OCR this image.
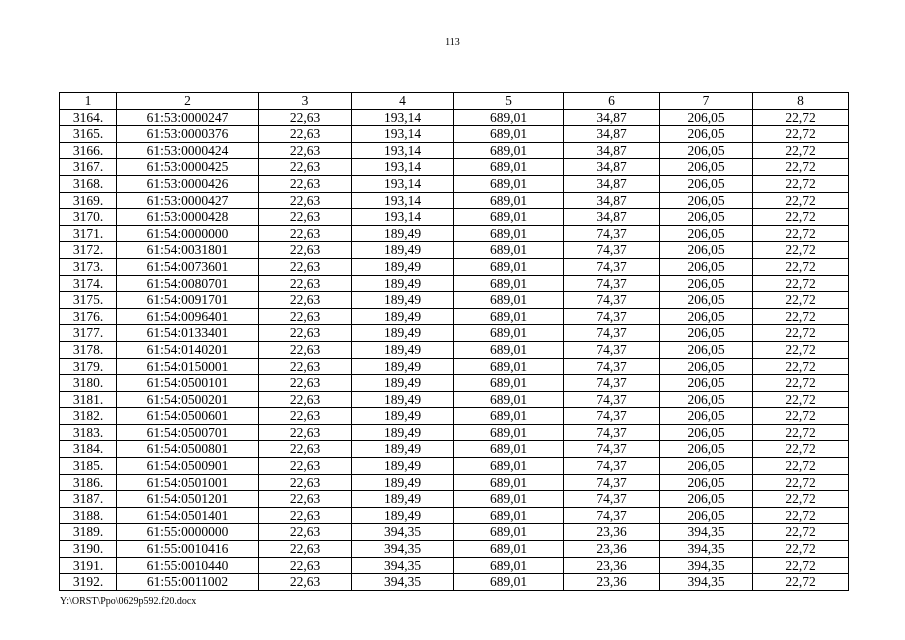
113
1	2	3	4	5	6	7	8
3164.	61:53:0000247	22,63	193,14	689,01	34,87	206,05	22,72
3165.	61:53:0000376	22,63	193,14	689,01	34,87	206,05	22,72
3166.	61:53:0000424	22,63	193,14	689,01	34,87	206,05	22,72
3167.	61:53:0000425	22,63	193,14	689,01	34,87	206,05	22,72
3168.	61:53:0000426	22,63	193,14	689,01	34,87	206,05	22,72
3169.	61:53:0000427	22,63	193,14	689,01	34,87	206,05	22,72
3170.	61:53:0000428	22,63	193,14	689,01	34,87	206,05	22,72
3171.	61:54:0000000	22,63	189,49	689,01	74,37	206,05	22,72
3172.	61:54:0031801	22,63	189,49	689,01	74,37	206,05	22,72
3173.	61:54:0073601	22,63	189,49	689,01	74,37	206,05	22,72
3174.	61:54:0080701	22,63	189,49	689,01	74,37	206,05	22,72
3175.	61:54:0091701	22,63	189,49	689,01	74,37	206,05	22,72
3176.	61:54:0096401	22,63	189,49	689,01	74,37	206,05	22,72
3177.	61:54:0133401	22,63	189,49	689,01	74,37	206,05	22,72
3178.	61:54:0140201	22,63	189,49	689,01	74,37	206,05	22,72
3179.	61:54:0150001	22,63	189,49	689,01	74,37	206,05	22,72
3180.	61:54:0500101	22,63	189,49	689,01	74,37	206,05	22,72
3181.	61:54:0500201	22,63	189,49	689,01	74,37	206,05	22,72
3182.	61:54:0500601	22,63	189,49	689,01	74,37	206,05	22,72
3183.	61:54:0500701	22,63	189,49	689,01	74,37	206,05	22,72
3184.	61:54:0500801	22,63	189,49	689,01	74,37	206,05	22,72
3185.	61:54:0500901	22,63	189,49	689,01	74,37	206,05	22,72
3186.	61:54:0501001	22,63	189,49	689,01	74,37	206,05	22,72
3187.	61:54:0501201	22,63	189,49	689,01	74,37	206,05	22,72
3188.	61:54:0501401	22,63	189,49	689,01	74,37	206,05	22,72
3189.	61:55:0000000	22,63	394,35	689,01	23,36	394,35	22,72
3190.	61:55:0010416	22,63	394,35	689,01	23,36	394,35	22,72
3191.	61:55:0010440	22,63	394,35	689,01	23,36	394,35	22,72
3192.	61:55:0011002	22,63	394,35	689,01	23,36	394,35	22,72
Y:\ORST\Ppo\0629p592.f20.docx
